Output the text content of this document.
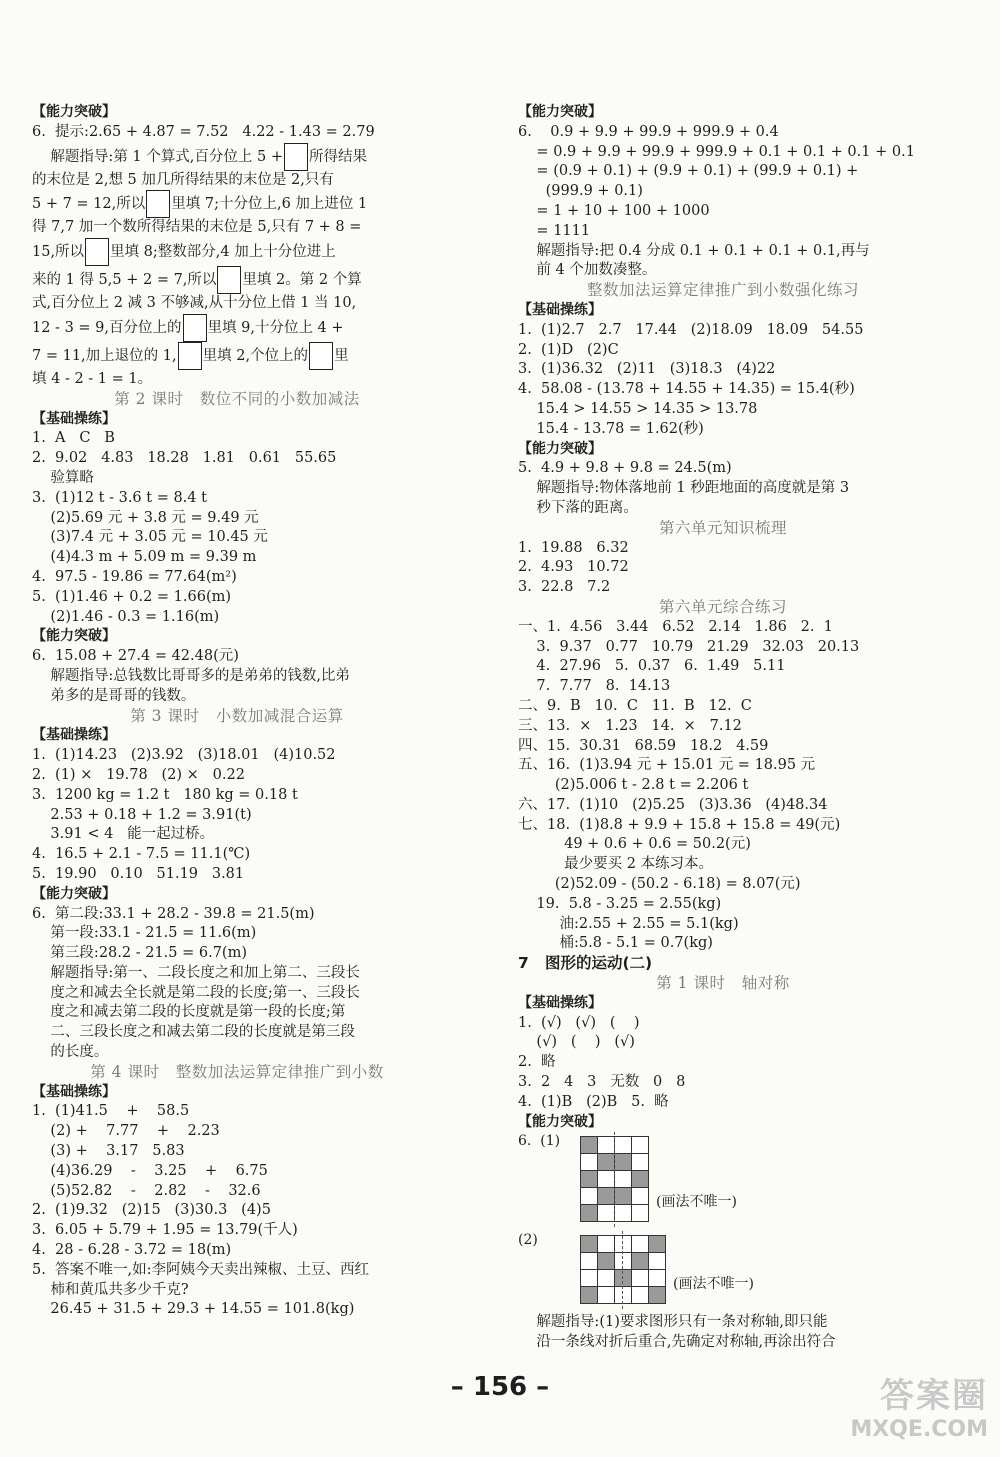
【能力突破】
6.  提示:2.65 + 4.87 = 7.52   4.22 - 1.43 = 2.79
解题指导:第 1 个算式,百分位上 5 + 所得结果
的末位是 2,想 5 加几所得结果的末位是 2,只有
5 + 7 = 12,所以 里填 7;十分位上,6 加上进位 1
得 7,7 加一个数所得结果的末位是 5,只有 7 + 8 =
15,所以 里填 8;整数部分,4 加上十分位进上
来的 1 得 5,5 + 2 = 7,所以 里填 2。第 2 个算
式,百分位上 2 减 3 不够减,从十分位上借 1 当 10,
12 - 3 = 9,百分位上的 里填 9,十分位上 4 +
7 = 11,加上退位的 1, 里填 2,个位上的 里
填 4 - 2 - 1 = 1。
第 2 课时   数位不同的小数加减法
【基础操练】
1.  A   C   B
2.  9.02   4.83   18.28   1.81   0.61   55.65
验算略
3.  (1)12 t - 3.6 t = 8.4 t
(2)5.69 元 + 3.8 元 = 9.49 元
(3)7.4 元 + 3.05 元 = 10.45 元
(4)4.3 m + 5.09 m = 9.39 m
4.  97.5 - 19.86 = 77.64(m²)
5.  (1)1.46 + 0.2 = 1.66(m)
(2)1.46 - 0.3 = 1.16(m)
【能力突破】
6.  15.08 + 27.4 = 42.48(元)
解题指导:总钱数比哥哥多的是弟弟的钱数,比弟
弟多的是哥哥的钱数。
第 3 课时   小数加减混合运算
【基础操练】
1.  (1)14.23   (2)3.92   (3)18.01   (4)10.52
2.  (1) ×   19.78   (2) ×   0.22
3.  1200 kg = 1.2 t   180 kg = 0.18 t
2.53 + 0.18 + 1.2 = 3.91(t)
3.91 < 4   能一起过桥。
4.  16.5 + 2.1 - 7.5 = 11.1(℃)
5.  19.90   0.10   51.19   3.81
【能力突破】
6.  第二段:33.1 + 28.2 - 39.8 = 21.5(m)
第一段:33.1 - 21.5 = 11.6(m)
第三段:28.2 - 21.5 = 6.7(m)
解题指导:第一、二段长度之和加上第二、三段长
度之和减去全长就是第二段的长度;第一、三段长
度之和减去第二段的长度就是第一段的长度;第
二、三段长度之和减去第二段的长度就是第三段
的长度。
第 4 课时   整数加法运算定律推广到小数
【基础操练】
1.  (1)41.5    +    58.5
(2) +    7.77    +    2.23
(3) +    3.17   5.83
(4)36.29    -    3.25    +    6.75
(5)52.82    -    2.82    -    32.6
2.  (1)9.32   (2)15   (3)30.3   (4)5
3.  6.05 + 5.79 + 1.95 = 13.79(千人)
4.  28 - 6.28 - 3.72 = 18(m)
5.  答案不唯一,如:李阿姨今天卖出辣椒、土豆、西红
柿和黄瓜共多少千克?
26.45 + 31.5 + 29.3 + 14.55 = 101.8(kg)
【能力突破】
6.    0.9 + 9.9 + 99.9 + 999.9 + 0.4
= 0.9 + 9.9 + 99.9 + 999.9 + 0.1 + 0.1 + 0.1 + 0.1
= (0.9 + 0.1) + (9.9 + 0.1) + (99.9 + 0.1) +
(999.9 + 0.1)
= 1 + 10 + 100 + 1000
= 1111
解题指导:把 0.4 分成 0.1 + 0.1 + 0.1 + 0.1,再与
前 4 个加数凑整。
整数加法运算定律推广到小数强化练习
【基础操练】
1.  (1)2.7   2.7   17.44   (2)18.09   18.09   54.55
2.  (1)D   (2)C
3.  (1)36.32   (2)11   (3)18.3   (4)22
4.  58.08 - (13.78 + 14.55 + 14.35) = 15.4(秒)
15.4 > 14.55 > 14.35 > 13.78
15.4 - 13.78 = 1.62(秒)
【能力突破】
5.  4.9 + 9.8 + 9.8 = 24.5(m)
解题指导:物体落地前 1 秒距地面的高度就是第 3
秒下落的距离。
第六单元知识梳理
1.  19.88   6.32
2.  4.93   10.72
3.  22.8   7.2
第六单元综合练习
一、1.  4.56   3.44   6.52   2.14   1.86   2.  1
3.  9.37   0.77   10.79   21.29   32.03   20.13
4.  27.96   5.  0.37   6.  1.49   5.11
7.  7.77   8.  14.13
二、9.  B   10.  C   11.  B   12.  C
三、13.  ×   1.23   14.  ×   7.12
四、15.  30.31   68.59   18.2   4.59
五、16.  (1)3.94 元 + 15.01 元 = 18.95 元
(2)5.006 t - 2.8 t = 2.206 t
六、17.  (1)10   (2)5.25   (3)3.36   (4)48.34
七、18.  (1)8.8 + 9.9 + 15.8 + 15.8 = 49(元)
49 + 0.6 + 0.6 = 50.2(元)
最少要买 2 本练习本。
(2)52.09 - (50.2 - 6.18) = 8.07(元)
19.  5.8 - 3.25 = 2.55(kg)
油:2.55 + 2.55 = 5.1(kg)
桶:5.8 - 5.1 = 0.7(kg)
7   图形的运动(二)
第 1 课时   轴对称
【基础操练】
1.  (√)   (√)   (    )
(√)   (    )   (√)
2.  略
3.  2   4   3   无数   0   8
4.  (1)B   (2)B   5.  略
【能力突破】
6.  (1)
(画法不唯一)
(2)
(画法不唯一)
解题指导:(1)要求图形只有一条对称轴,即只能
沿一条线对折后重合,先确定对称轴,再涂出符合
– 156 –	答案圈
MXQE.COM
